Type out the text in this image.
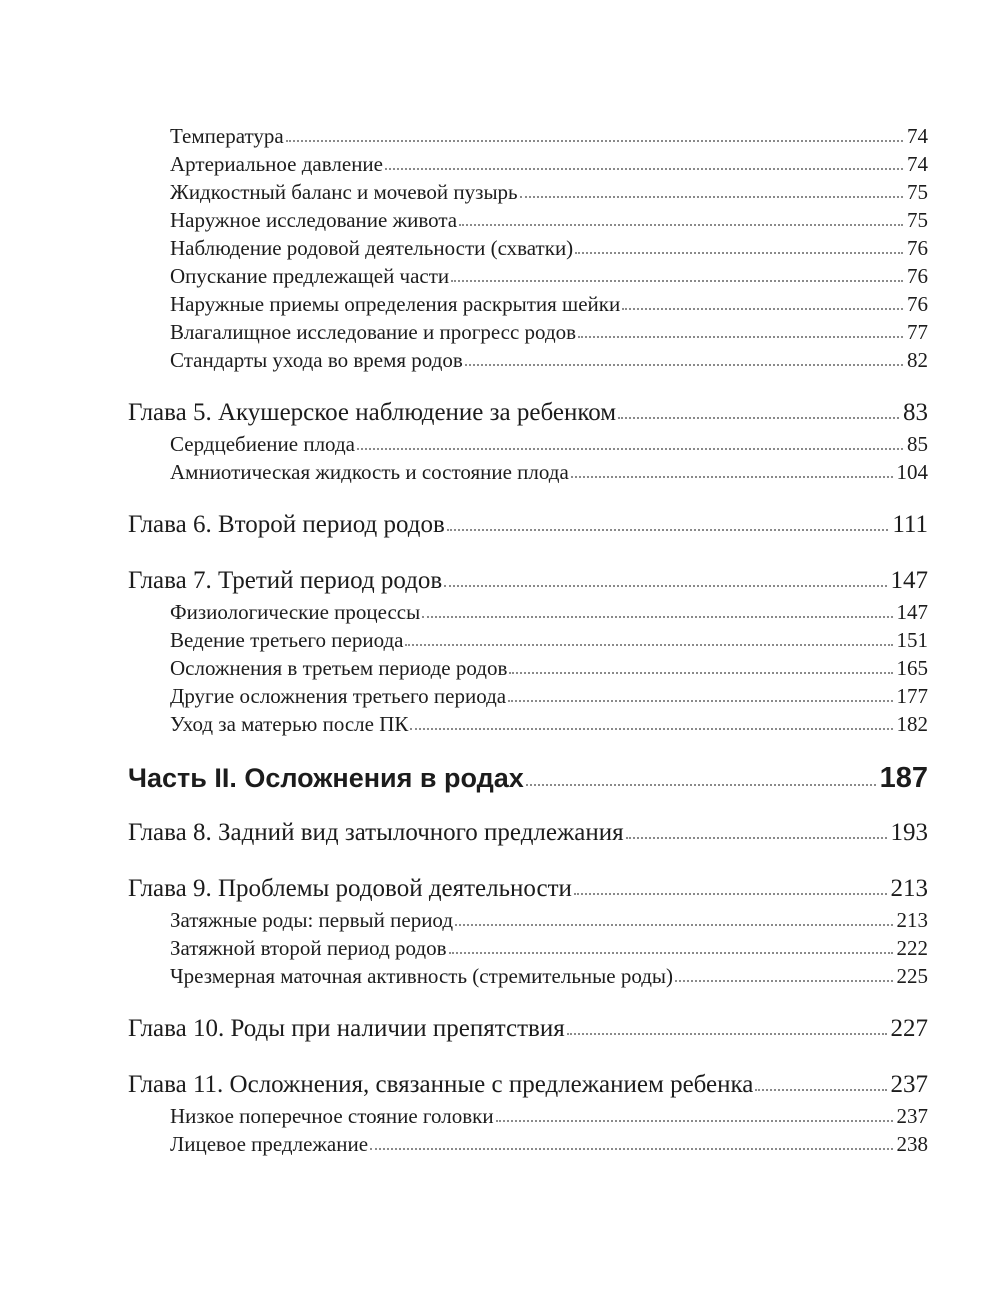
Температура	74
Артериальное давление	74
Жидкостный баланс и мочевой пузырь	75
Наружное исследование живота	75
Наблюдение родовой деятельности (схватки)	76
Опускание предлежащей части	76
Наружные приемы определения раскрытия шейки	76
Влагалищное исследование и прогресс родов	77
Стандарты ухода во время родов	82
Глава 5. Акушерское наблюдение за ребенком	83
Сердцебиение плода	85
Амниотическая жидкость и состояние плода	104
Глава 6. Второй период родов	111
Глава 7. Третий период родов	147
Физиологические процессы	147
Ведение третьего периода	151
Осложнения в третьем периоде родов	165
Другие осложнения третьего периода	177
Уход за матерью после ПК	182
Часть II. Осложнения в родах	187
Глава 8. Задний вид затылочного предлежания	193
Глава 9. Проблемы родовой деятельности	213
Затяжные роды: первый период	213
Затяжной второй период родов	222
Чрезмерная маточная активность (стремительные роды)	225
Глава 10. Роды при наличии препятствия	227
Глава 11. Осложнения, связанные с предлежанием ребенка	237
Низкое поперечное стояние головки	237
Лицевое предлежание	238
